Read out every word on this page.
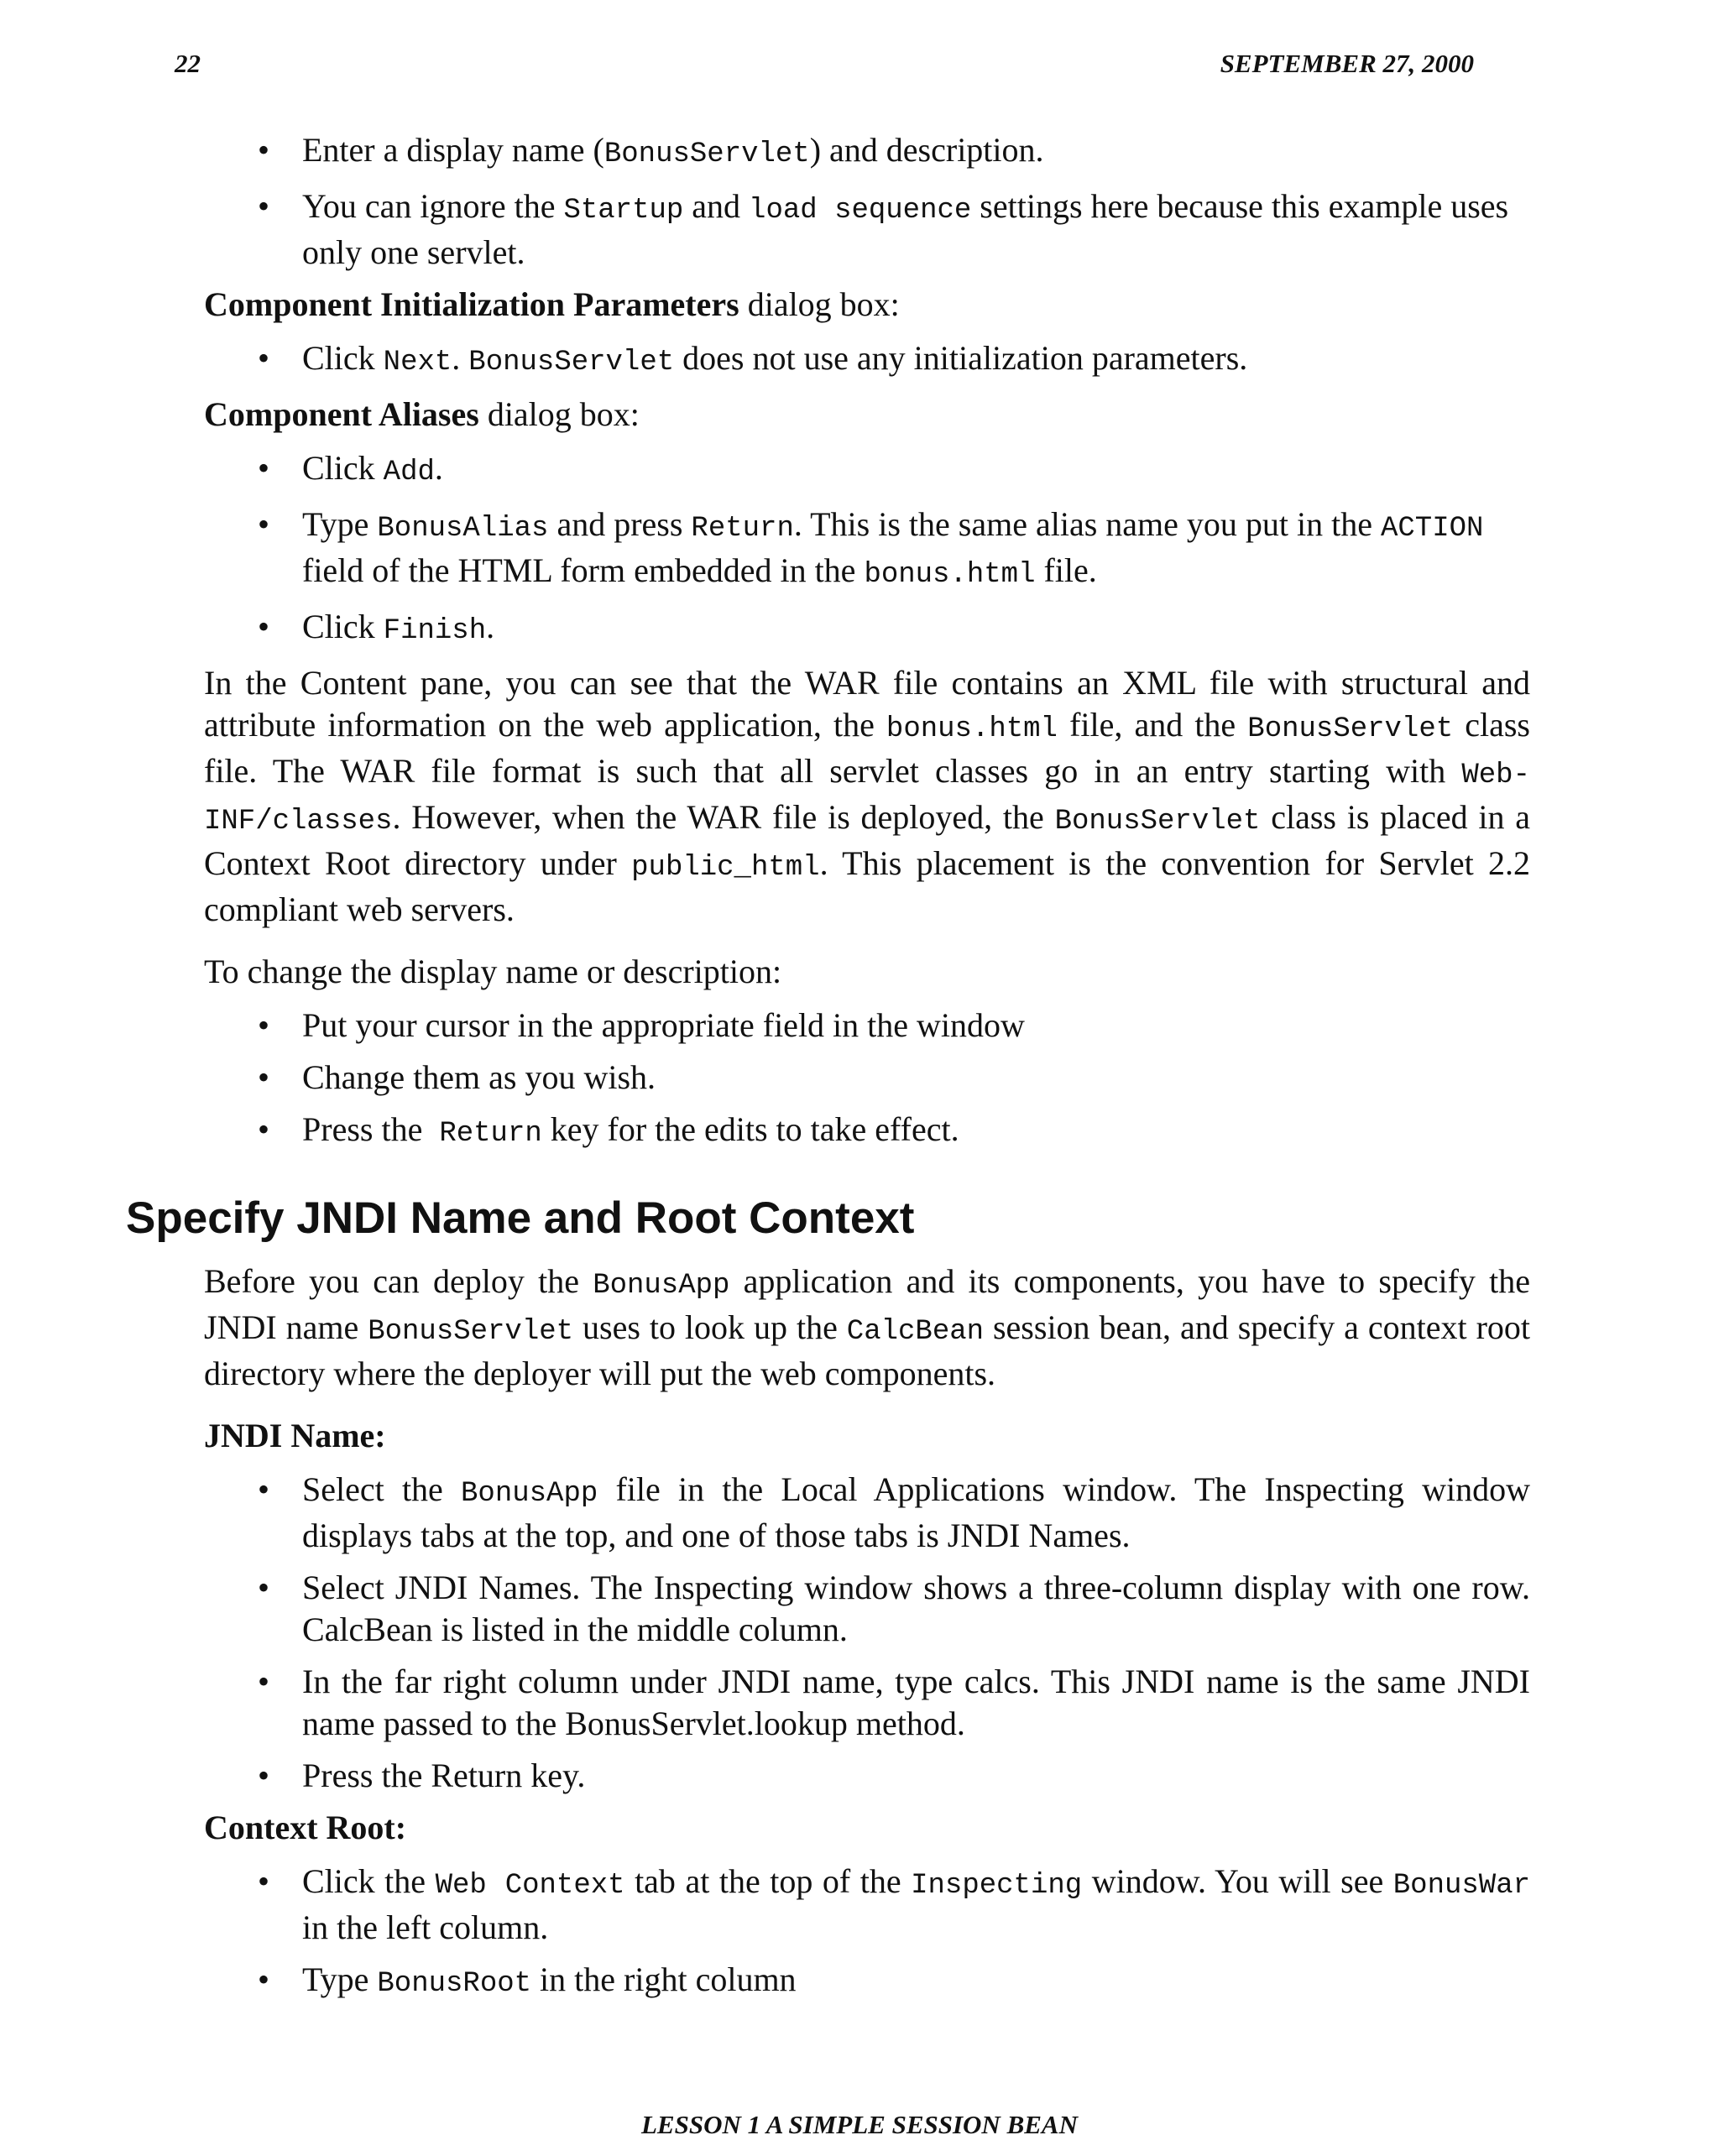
22	SEPTEMBER 27, 2000
• Enter a display name (BonusServlet) and description.
• You can ignore the Startup and load sequence settings here because this example uses only one servlet.

Component Initialization Parameters dialog box:

• Click Next. BonusServlet does not use any initialization parameters.

Component Aliases dialog box:

• Click Add.
• Type BonusAlias and press Return. This is the same alias name you put in the ACTION field of the HTML form embedded in the bonus.html file.
• Click Finish.

In the Content pane, you can see that the WAR file contains an XML file with structural and attribute information on the web application, the bonus.html file, and the BonusServlet class file. The WAR file format is such that all servlet classes go in an entry starting with Web-INF/classes. However, when the WAR file is deployed, the BonusServlet class is placed in a Context Root directory under public_html. This placement is the convention for Servlet 2.2 compliant web servers.

To change the display name or description:

• Put your cursor in the appropriate field in the window
• Change them as you wish.
• Press the  Return key for the edits to take effect.
Specify JNDI Name and Root Context

Before you can deploy the BonusApp application and its components, you have to specify the JNDI name BonusServlet uses to look up the CalcBean session bean, and specify a context root directory where the deployer will put the web components.

JNDI Name:

• Select the BonusApp file in the Local Applications window. The Inspecting window displays tabs at the top, and one of those tabs is JNDI Names.
• Select JNDI Names. The Inspecting window shows a three-column display with one row. CalcBean is listed in the middle column.
• In the far right column under JNDI name, type calcs. This JNDI name is the same JNDI name passed to the BonusServlet.lookup method.
• Press the Return key.

Context Root:

• Click the Web Context tab at the top of the Inspecting window. You will see BonusWar in the left column.
• Type BonusRoot in the right column
LESSON 1 A SIMPLE SESSION BEAN
